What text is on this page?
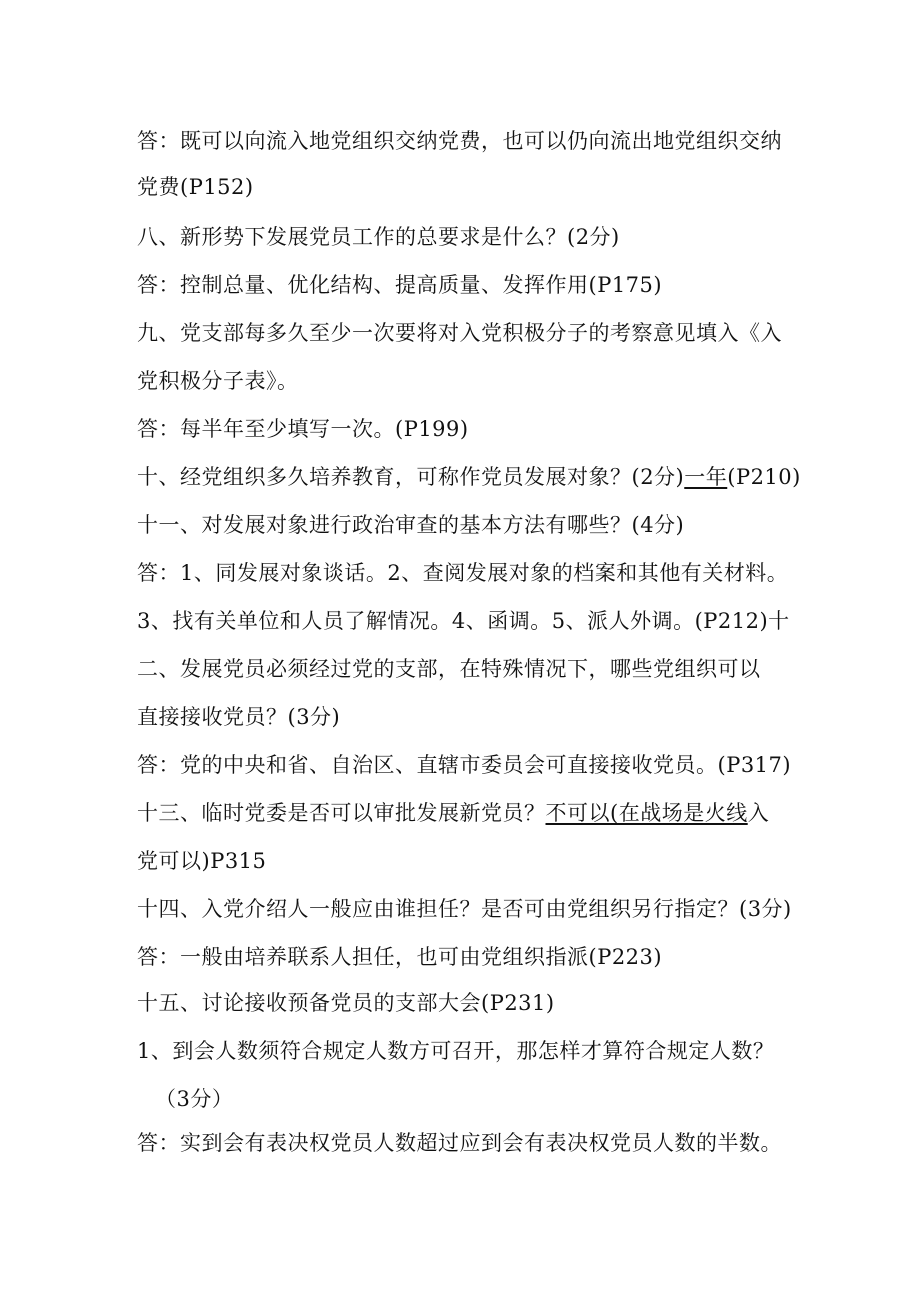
答：既可以向流入地党组织交纳党费，也可以仍向流出地党组织交纳
党费(P152)
八、新形势下发展党员工作的总要求是什么？(2分)
答：控制总量、优化结构、提高质量、发挥作用(P175)
九、党支部每多久至少一次要将对入党积极分子的考察意见填入《入
党积极分子表》。
答：每半年至少填写一次。(P199)
十、经党组织多久培养教育，可称作党员发展对象？(2分)一年(P210)
十一、对发展对象进行政治审查的基本方法有哪些？(4分)
答：1、同发展对象谈话。2、查阅发展对象的档案和其他有关材料。
3、找有关单位和人员了解情况。4、函调。5、派人外调。(P212)十
二、发展党员必须经过党的支部，在特殊情况下，哪些党组织可以
直接接收党员？(3分)
答：党的中央和省、自治区、直辖市委员会可直接接收党员。(P317)
十三、临时党委是否可以审批发展新党员？不可以(在战场是火线入
党可以)P315
十四、入党介绍人一般应由谁担任？是否可由党组织另行指定？(3分)
答：一般由培养联系人担任，也可由党组织指派(P223)
十五、讨论接收预备党员的支部大会(P231)
1、到会人数须符合规定人数方可召开，那怎样才算符合规定人数？
（3分）
答：实到会有表决权党员人数超过应到会有表决权党员人数的半数。
